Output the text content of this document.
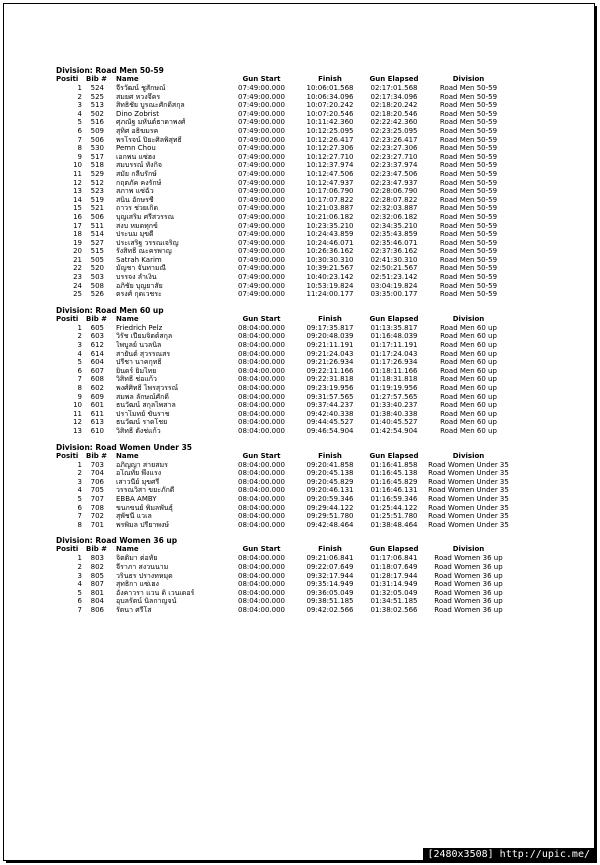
Division: Road Men 50-59
Positi	Bib #	Name	Gun Start	Finish	Gun Elapsed	Division
1	524 จีรวัฒน์ ชูสักษณ์	07:49:00.000	10:06:01.568	02:17:01.568	Road Men 50-59
2	525 สมยศ หวงจึคร	07:49:00.000	10:06:34.096	02:17:34.096	Road Men 50-59
3	513 สิทธิชัย บูรณะศักดิ์สกุล	07:49:00.000	10:07:20.242	02:18:20.242	Road Men 50-59
4	502 Dino Zobrist	07:49:00.000	10:07:20.546	02:18:20.546	Road Men 50-59
5	516 ศุภณัฐ มหันต์ธาดาพงศ์	07:49:00.000	10:11:42.360	02:22:42.360	Road Men 50-59
6	509 สุทิศ อธิฆมรค	07:49:00.000	10:12:25.095	02:23:25.095	Road Men 50-59
7	506 พรโรจน์ ปิยะศิลพิสุทธิ์	07:49:00.000	10:12:26.417	02:23:26.417	Road Men 50-59
8	530 Pemn Chou	07:49:00.000	10:12:27.306	02:23:27.306	Road Men 50-59
9	517 เอกพน แซ่ฮง	07:49:00.000	10:12:27.710	02:23:27.710	Road Men 50-59
10	518 สมบรรณ์ ทั่งกิจ	07:49:00.000	10:12:37.974	02:23:37.974	Road Men 50-59
11	529 สมัย กลีบรักษ์	07:49:00.000	10:12:47.506	02:23:47.506	Road Men 50-59
12	512 กฤตภัค คงรักษ์	07:49:00.000	10:12:47.937	02:23:47.937	Road Men 50-59
13	523 สภาพ แซ่ฉั่ว	07:49:00.000	10:17:06.790	02:28:06.790	Road Men 50-59
14	519 สนิน อักษรชื่	07:49:00.000	10:17:07.822	02:28:07.822	Road Men 50-59
15	521 ถาวร ช่วยเกิด	07:49:00.000	10:21:03.887	02:32:03.887	Road Men 50-59
16	506 บุญเสริม ศรีสวรรณ	07:49:00.000	10:21:06.182	02:32:06.182	Road Men 50-59
17	511 สงบ หมดทุกข์	07:49:00.000	10:23:35.210	02:34:35.210	Road Men 50-59
18	514 ประนม มุขดี	07:49:00.000	10:24:43.859	02:35:43.859	Road Men 50-59
19	527 ประเสริฐ วรรณเจริญ	07:49:00.000	10:24:46.071	02:35:46.071	Road Men 50-59
20	515 รังสิทธิ์ ณะครพาญ	07:49:00.000	10:26:36.162	02:37:36.162	Road Men 50-59
21	505 Satrah Karim	07:49:00.000	10:30:30.310	02:41:30.310	Road Men 50-59
22	520 มัญชา จันทามณี	07:49:00.000	10:39:21.567	02:50:21.567	Road Men 50-59
23	503 บรรจง ลำเงิน	07:49:00.000	10:40:23.142	02:51:23.142	Road Men 50-59
24	508 อภิชัย บุญยาสัย	07:49:00.000	10:53:19.824	03:04:19.824	Road Men 50-59
25	526 ตรงศ์ กุดเวชระ	07:49:00.000	11:24:00.177	03:35:00.177	Road Men 50-59
Division: Road Men 60 up
Positi	Bib #	Name	Gun Start	Finish	Gun Elapsed	Division
1	605 Friedrich Pelz	08:04:00.000	09:17:35.817	01:13:35.817	Road Men 60 up
2	603 วิรัช เปี่ยมจิตต์สกุล	08:04:00.000	09:20:48.039	01:16:48.039	Road Men 60 up
3	612 ไพบูลย์ นวลนิล	08:04:00.000	09:21:11.191	01:17:11.191	Road Men 60 up
4	614 สายันต์ สุวรรณสร	08:04:00.000	09:21:24.043	01:17:24.043	Road Men 60 up
5	604 ปรีชา นาคกุทธิ์	08:04:00.000	09:21:26.934	01:17:26.934	Road Men 60 up
6	607 ยินดร์ ยิ่มไทย	08:04:00.000	09:22:11.166	01:18:11.166	Road Men 60 up
7	608 วิสิทธิ์ ช่อแก้ว	08:04:00.000	09:22:31.818	01:18:31.818	Road Men 60 up
8	602 พงศ์ศิทธิ์ ไพรสุวรรณ์	08:04:00.000	09:23:19.956	01:19:19.956	Road Men 60 up
9	609 สมพล ลักษณ์ศักดิ์	08:04:00.000	09:31:57.565	01:27:57.565	Road Men 60 up
10	601 ธนวัฒน์ สกุลไพสาล	08:04:00.000	09:37:44.237	01:33:40.237	Road Men 60 up
11	611 ปราโมทย์ ขันราช	08:04:00.000	09:42:40.338	01:38:40.338	Road Men 60 up
12	613 ธนวัฒน์ ราดโชย	08:04:00.000	09:44:45.527	01:40:45.527	Road Men 60 up
13	610 วิสิทธิ์ ตั้งช่แก้ว	08:04:00.000	09:46:54.904	01:42:54.904	Road Men 60 up
Division: Road Women Under 35
Positi	Bib #	Name	Gun Start	Finish	Gun Elapsed	Division
1	703 อภิญญา สายสมร	08:04:00.000	09:20:41.858	01:16:41.858	Road Women Under 35
2	704 อโณทัย พึ่งแรง	08:04:00.000	09:20:45.138	01:16:45.138	Road Women Under 35
3	706 เสาวนีย์ มุขศรี	08:04:00.000	09:20:45.829	01:16:45.829	Road Women Under 35
4	705 วรรณวิสา ขยะภักดี	08:04:00.000	09:20:46.131	01:16:46.131	Road Women Under 35
5	707 EBBA AMBY	08:04:00.000	09:20:59.346	01:16:59.346	Road Women Under 35
6	708 ขนกขนย์ พิมลพันธุ์	08:04:00.000	09:29:44.122	01:25:44.122	Road Women Under 35
7	702 สุพัชนี แวเล	08:04:00.000	09:29:51.780	01:25:51.780	Road Women Under 35
8	701 พรพิมล ปรียาพงษ์	08:04:00.000	09:42:48.464	01:38:48.464	Road Women Under 35
Division: Road Women 36 up
Positi	Bib #	Name	Gun Start	Finish	Gun Elapsed	Division
1	803 จิตติมา ต่อทัย	08:04:00.000	09:21:06.841	01:17:06.841	Road Women 36 up
2	802 จีราภา สงวนนาม	08:04:00.000	09:22:07.649	01:18:07.649	Road Women 36 up
3	805 วรินธร ปรางทหมุด	08:04:00.000	09:32:17.944	01:28:17.944	Road Women 36 up
4	807 สุทธิกา แซ่เฮง	08:04:00.000	09:35:14.949	01:31:14.949	Road Women 36 up
5	801 อังคาวรา แวน ดิ เวนเดอร์	08:04:00.000	09:36:05.049	01:32:05.049	Road Women 36 up
6	804 อุบลรัตน์ นิลกาญจน์	08:04:00.000	09:38:51.185	01:34:51.185	Road Women 36 up
7	806 รัตนา ศรีโส	08:04:00.000	09:42:02.566	01:38:02.566	Road Women 36 up
[2480x3508] http://upic.me/
